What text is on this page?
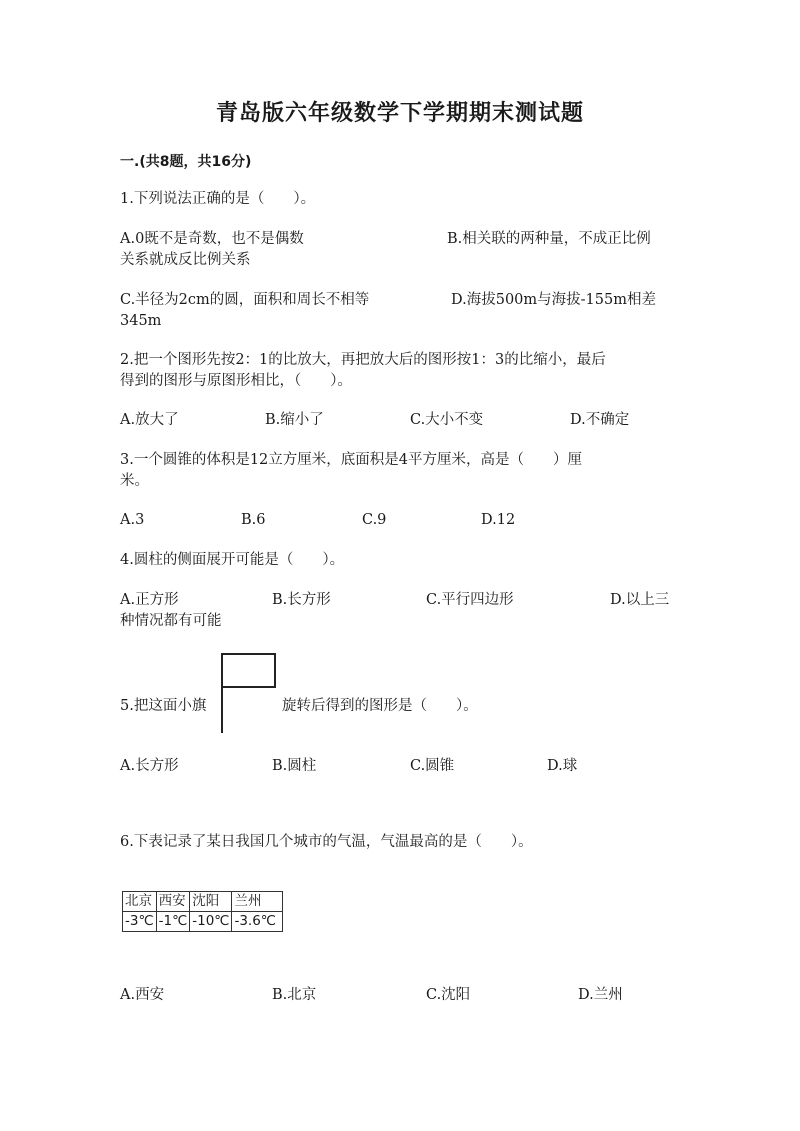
青岛版六年级数学下学期期末测试题
一.(共8题，共16分)
1.下列说法正确的是（　　）。
A.0既不是奇数，也不是偶数	B.相关联的两种量，不成正比例
关系就成反比例关系
C.半径为2cm的圆，面积和周长不相等	D.海拔500m与海拔-155m相差
345m
2.把一个图形先按2：1的比放大，再把放大后的图形按1：3的比缩小，最后
得到的图形与原图形相比，（　　）。
A.放大了	B.缩小了	C.大小不变	D.不确定
3.一个圆锥的体积是12立方厘米，底面积是4平方厘米，高是（　　）厘
米。
A.3	B.6	C.9	D.12
4.圆柱的侧面展开可能是（　　）。
A.正方形	B.长方形	C.平行四边形	D.以上三
种情况都有可能
5.把这面小旗	旋转后得到的图形是（　　）。
A.长方形	B.圆柱	C.圆锥	D.球
6.下表记录了某日我国几个城市的气温，气温最高的是（　　）。
北京	西安	沈阳	兰州
-3℃	-1℃	-10℃	-3.6℃
A.西安	B.北京	C.沈阳	D.兰州
